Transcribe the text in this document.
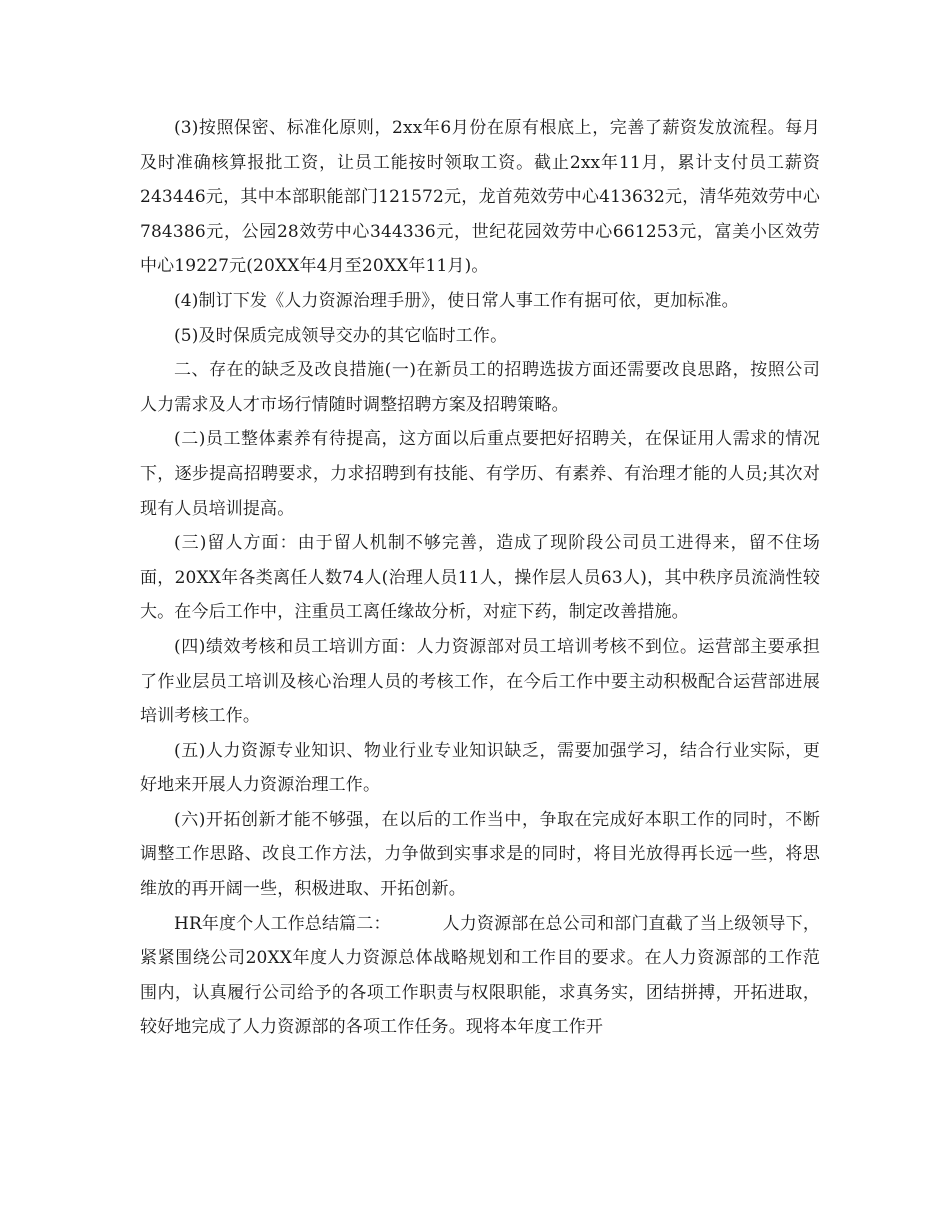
(3)按照保密、标准化原则，2xx年6月份在原有根底上，完善了薪资发放流程。每月及时准确核算报批工资，让员工能按时领取工资。截止2xx年11月，累计支付员工薪资243446元，其中本部职能部门121572元，龙首苑效劳中心413632元，清华苑效劳中心784386元，公园28效劳中心344336元，世纪花园效劳中心661253元，富美小区效劳中心19227元(20XX年4月至20XX年11月)。

(4)制订下发《人力资源治理手册》，使日常人事工作有据可依，更加标准。

(5)及时保质完成领导交办的其它临时工作。

二、存在的缺乏及改良措施(一)在新员工的招聘选拔方面还需要改良思路，按照公司人力需求及人才市场行情随时调整招聘方案及招聘策略。

(二)员工整体素养有待提高，这方面以后重点要把好招聘关，在保证用人需求的情况下，逐步提高招聘要求，力求招聘到有技能、有学历、有素养、有治理才能的人员;其次对现有人员培训提高。

(三)留人方面：由于留人机制不够完善，造成了现阶段公司员工进得来，留不住场面，20XX年各类离任人数74人(治理人员11人，操作层人员63人)，其中秩序员流淌性较大。在今后工作中，注重员工离任缘故分析，对症下药，制定改善措施。

(四)绩效考核和员工培训方面：人力资源部对员工培训考核不到位。运营部主要承担了作业层员工培训及核心治理人员的考核工作，在今后工作中要主动积极配合运营部进展培训考核工作。

(五)人力资源专业知识、物业行业专业知识缺乏，需要加强学习，结合行业实际，更好地来开展人力资源治理工作。

(六)开拓创新才能不够强，在以后的工作当中，争取在完成好本职工作的同时，不断调整工作思路、改良工作方法，力争做到实事求是的同时，将目光放得再长远一些，将思维放的再开阔一些，积极进取、开拓创新。

HR年度个人工作总结篇二：	人力资源部在总公司和部门直截了当上级领导下，紧紧围绕公司20XX年度人力资源总体战略规划和工作目的要求。在人力资源部的工作范围内，认真履行公司给予的各项工作职责与权限职能，求真务实，团结拼搏，开拓进取，较好地完成了人力资源部的各项工作任务。现将本年度工作开
